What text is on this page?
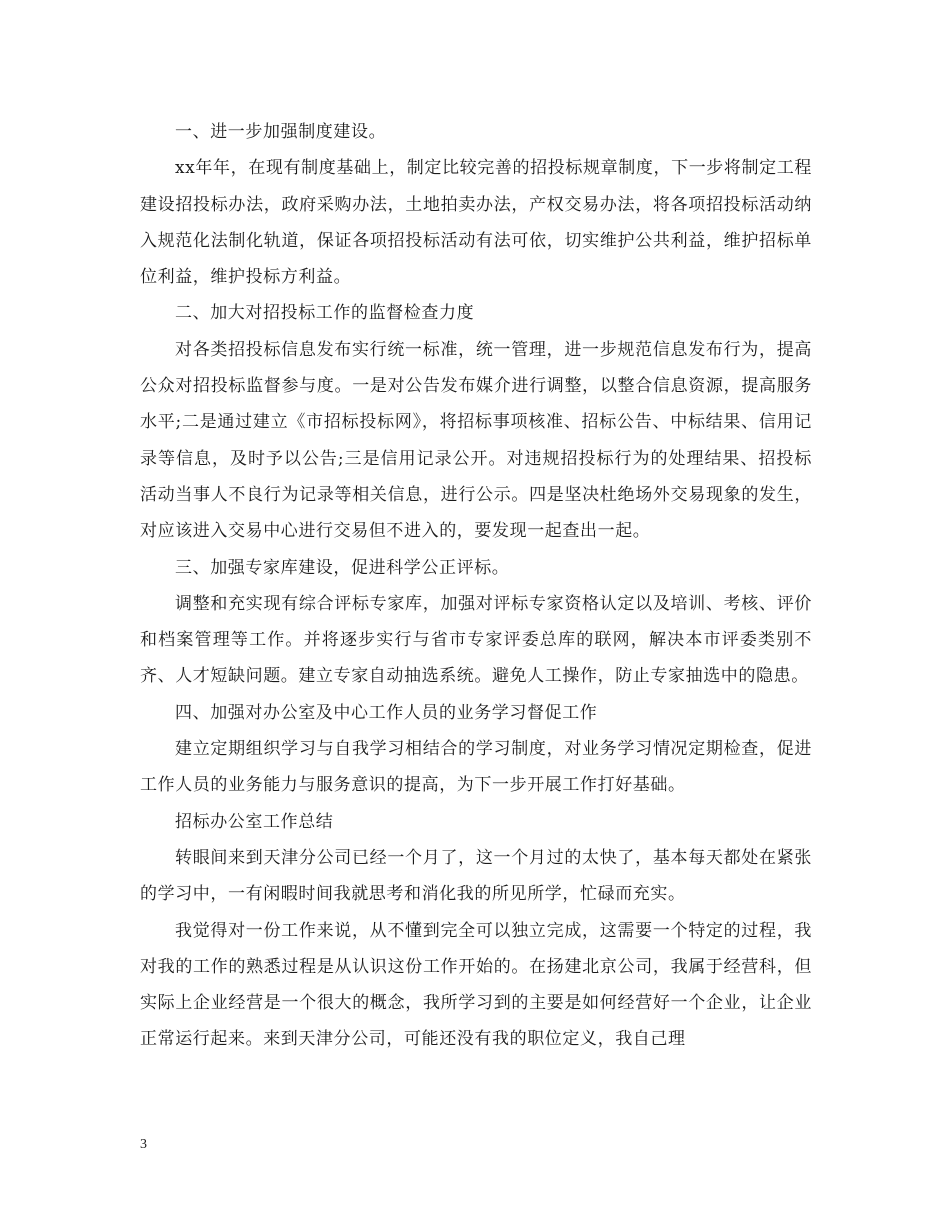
一、进一步加强制度建设。

xx年年，在现有制度基础上，制定比较完善的招投标规章制度，下一步将制定工程建设招投标办法，政府采购办法，土地拍卖办法，产权交易办法，将各项招投标活动纳入规范化法制化轨道，保证各项招投标活动有法可依，切实维护公共利益，维护招标单位利益，维护投标方利益。

二、加大对招投标工作的监督检查力度

对各类招投标信息发布实行统一标准，统一管理，进一步规范信息发布行为，提高公众对招投标监督参与度。一是对公告发布媒介进行调整，以整合信息资源，提高服务水平;二是通过建立《市招标投标网》，将招标事项核准、招标公告、中标结果、信用记录等信息，及时予以公告;三是信用记录公开。对违规招投标行为的处理结果、招投标活动当事人不良行为记录等相关信息，进行公示。四是坚决杜绝场外交易现象的发生，对应该进入交易中心进行交易但不进入的，要发现一起查出一起。

三、加强专家库建设，促进科学公正评标。

调整和充实现有综合评标专家库，加强对评标专家资格认定以及培训、考核、评价和档案管理等工作。并将逐步实行与省市专家评委总库的联网，解决本市评委类别不齐、人才短缺问题。建立专家自动抽选系统。避免人工操作，防止专家抽选中的隐患。

四、加强对办公室及中心工作人员的业务学习督促工作

建立定期组织学习与自我学习相结合的学习制度，对业务学习情况定期检查，促进工作人员的业务能力与服务意识的提高，为下一步开展工作打好基础。

招标办公室工作总结

转眼间来到天津分公司已经一个月了，这一个月过的太快了，基本每天都处在紧张的学习中，一有闲暇时间我就思考和消化我的所见所学，忙碌而充实。

我觉得对一份工作来说，从不懂到完全可以独立完成，这需要一个特定的过程，我对我的工作的熟悉过程是从认识这份工作开始的。在扬建北京公司，我属于经营科，但实际上企业经营是一个很大的概念，我所学习到的主要是如何经营好一个企业，让企业正常运行起来。来到天津分公司，可能还没有我的职位定义，我自己理

3
